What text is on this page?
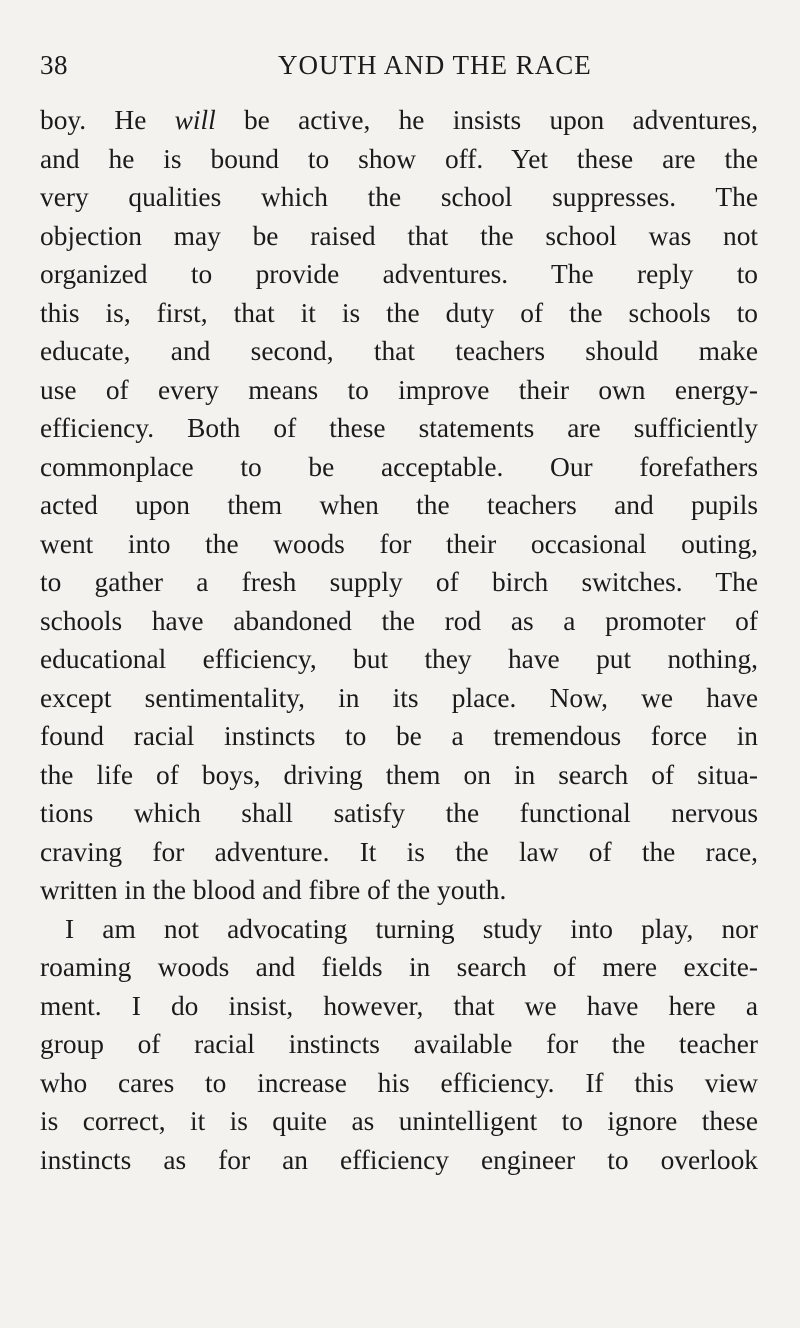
38	YOUTH AND THE RACE
boy. He will be active, he insists upon adventures,
and he is bound to show off. Yet these are the
very qualities which the school suppresses. The
objection may be raised that the school was not
organized to provide adventures. The reply to
this is, first, that it is the duty of the schools to
educate, and second, that teachers should make
use of every means to improve their own energy-
efficiency. Both of these statements are sufficiently
commonplace to be acceptable. Our forefathers
acted upon them when the teachers and pupils
went into the woods for their occasional outing,
to gather a fresh supply of birch switches. The
schools have abandoned the rod as a promoter of
educational efficiency, but they have put nothing,
except sentimentality, in its place. Now, we have
found racial instincts to be a tremendous force in
the life of boys, driving them on in search of situa-
tions which shall satisfy the functional nervous
craving for adventure. It is the law of the race,
written in the blood and fibre of the youth.
I am not advocating turning study into play, nor
roaming woods and fields in search of mere excite-
ment. I do insist, however, that we have here a
group of racial instincts available for the teacher
who cares to increase his efficiency. If this view
is correct, it is quite as unintelligent to ignore these
instincts as for an efficiency engineer to overlook
